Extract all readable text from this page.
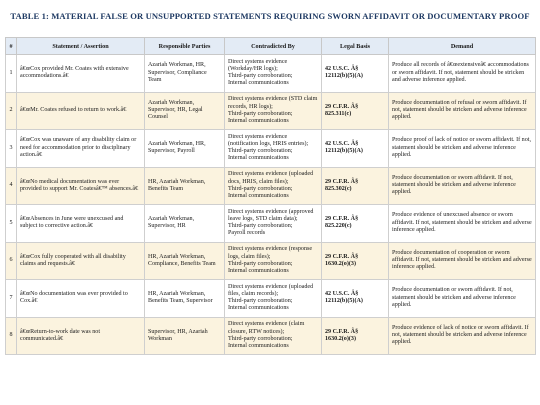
TABLE 1: MATERIAL FALSE OR UNSUPPORTED STATEMENTS REQUIRING SWORN AFFIDAVIT OR DOCUMENTARY PROOF
#	Statement / Assertion	Responsible Parties	Contradicted By	Legal Basis	Demand
1	â€œCox provided Mr. Coates with extensive accommodations.â€	Azariah Workman, HR, Supervisor, Compliance Team	Direct systems evidence (Workday/HR logs);
Third-party corroboration;
Internal communications	42 U.S.C. Â§
12112(b)(5)(A)	Produce all records of â€œextensiveâ€ accommodations or sworn affidavit. If not, statement should be stricken and adverse inference applied.
2	â€œMr. Coates refused to return to work.â€	Azariah Workman, Supervisor, HR, Legal Counsel	Direct systems evidence (STD claim records, HR logs);
Third-party corroboration;
Internal communications	29 C.F.R. Â§
825.311(c)	Produce documentation of refusal or sworn affidavit. If not, statement should be stricken and adverse inference applied.
3	â€œCox was unaware of any disability claim or need for accommodation prior to disciplinary action.â€	Azariah Workman, HR, Supervisor, Payroll	Direct systems evidence (notification logs, HRIS entries);
Third-party corroboration;
Internal communications	42 U.S.C. Â§
12112(b)(5)(A)	Produce proof of lack of notice or sworn affidavit. If not, statement should be stricken and adverse inference applied.
4	â€œNo medical documentation was ever provided to support Mr. Coatesâ€™ absences.â€	HR, Azariah Workman, Benefits Team	Direct systems evidence (uploaded docs, HRIS, claim files);
Third-party corroboration;
Internal communications	29 C.F.R. Â§
825.302(c)	Produce documentation or sworn affidavit. If not, statement should be stricken and adverse inference applied.
5	â€œAbsences in June were unexcused and subject to corrective action.â€	Azariah Workman, Supervisor, HR	Direct systems evidence (approved leave logs, STD claim data);
Third-party corroboration;
Payroll records	29 C.F.R. Â§
825.220(c)	Produce evidence of unexcused absence or sworn affidavit. If not, statement should be stricken and adverse inference applied.
6	â€œCox fully cooperated with all disability claims and requests.â€	HR, Azariah Workman, Compliance, Benefits Team	Direct systems evidence (response logs, claim files);
Third-party corroboration;
Internal communications	29 C.F.R. Â§
1630.2(o)(3)	Produce documentation of cooperation or sworn affidavit. If not, statement should be stricken and adverse inference applied.
7	â€œNo documentation was ever provided to Cox.â€	HR, Azariah Workman, Benefits Team, Supervisor	Direct systems evidence (uploaded files, claim records);
Third-party corroboration;
Internal communications	42 U.S.C. Â§
12112(b)(5)(A)	Produce documentation or sworn affidavit. If not, statement should be stricken and adverse inference applied.
8	â€œReturn-to-work date was not communicated.â€	Supervisor, HR, Azariah Workman	Direct systems evidence (claim closure, RTW notices);
Third-party corroboration;
Internal communications	29 C.F.R. Â§
1630.2(o)(3)	Produce evidence of lack of notice or sworn affidavit. If not, statement should be stricken and adverse inference applied.
